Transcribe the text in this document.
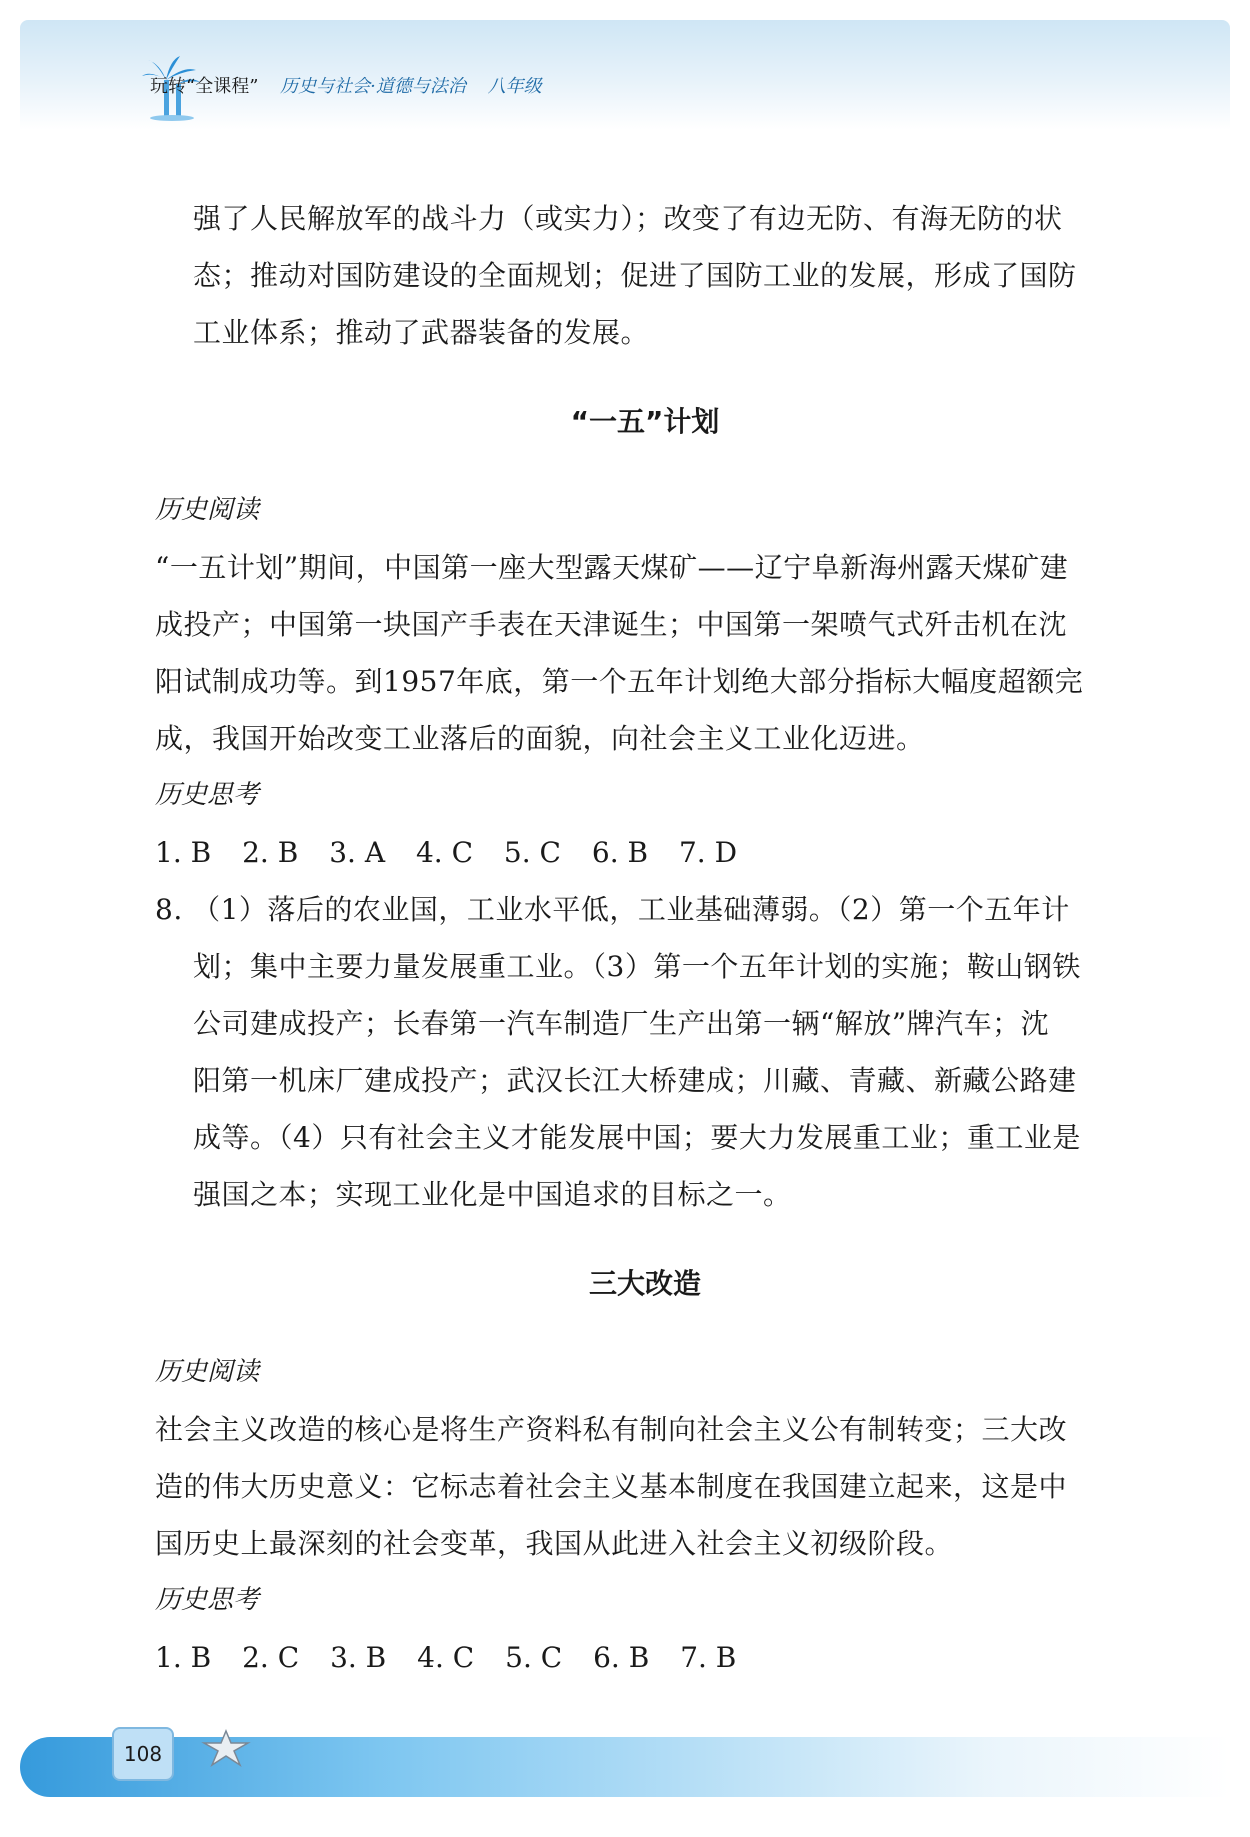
玩转“全课程” 历史与社会·道德与法治 八年级

强了人民解放军的战斗力（或实力）；改变了有边无防、有海无防的状

态；推动对国防建设的全面规划；促进了国防工业的发展，形成了国防

工业体系；推动了武器装备的发展。

“一五”计划

历史阅读

“一五计划”期间，中国第一座大型露天煤矿——辽宁阜新海州露天煤矿建

成投产；中国第一块国产手表在天津诞生；中国第一架喷气式歼击机在沈

阳试制成功等。到1957年底，第一个五年计划绝大部分指标大幅度超额完

成，我国开始改变工业落后的面貌，向社会主义工业化迈进。

历史思考

1. B 2. B 3. A 4. C 5. C 6. B 7. D

8. （1）落后的农业国，工业水平低，工业基础薄弱。（2）第一个五年计

划；集中主要力量发展重工业。（3）第一个五年计划的实施；鞍山钢铁

公司建成投产；长春第一汽车制造厂生产出第一辆“解放”牌汽车；沈

阳第一机床厂建成投产；武汉长江大桥建成；川藏、青藏、新藏公路建

成等。（4）只有社会主义才能发展中国；要大力发展重工业；重工业是

强国之本；实现工业化是中国追求的目标之一。

三大改造

历史阅读

社会主义改造的核心是将生产资料私有制向社会主义公有制转变；三大改

造的伟大历史意义：它标志着社会主义基本制度在我国建立起来，这是中

国历史上最深刻的社会变革，我国从此进入社会主义初级阶段。

历史思考

1. B 2. C 3. B 4. C 5. C 6. B 7. B

108
